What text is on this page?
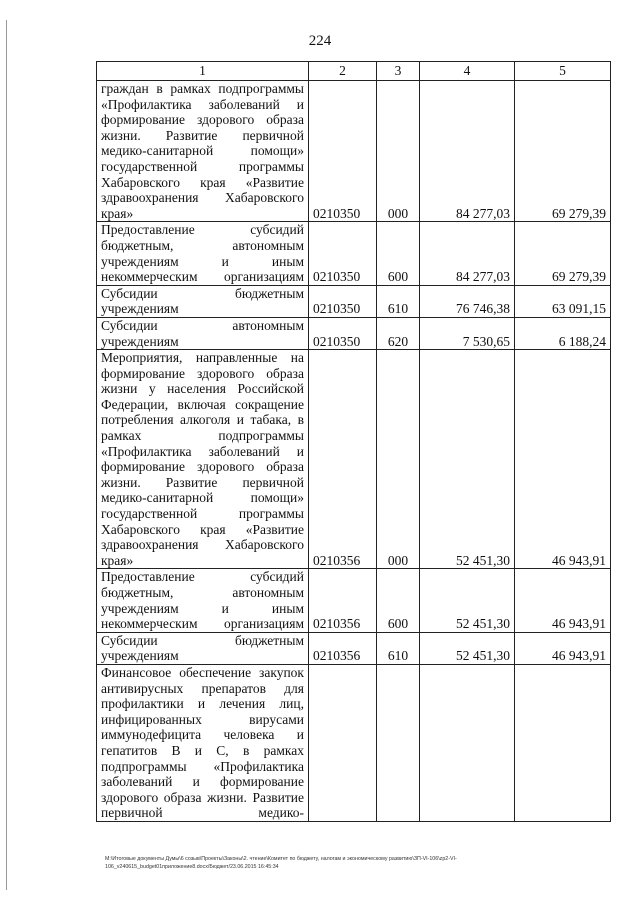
224
1	2	3	4	5
граждан в рамках подпрограммы «Профилактика заболеваний и формирование здорового образа жизни. Развитие первичной медико-санитарной помощи» государственной программы Хабаровского края «Развитие здравоохранения Хабаровского края»	0210350	000	84 277,03	69 279,39
Предоставление субсидий бюджетным, автономным учреждениям и иным некоммерческим организациям	0210350	600	84 277,03	69 279,39
Субсидии бюджетным учреждениям	0210350	610	76 746,38	63 091,15
Субсидии автономным учреждениям	0210350	620	7 530,65	6 188,24
Мероприятия, направленные на формирование здорового образа жизни у населения Российской Федерации, включая сокращение потребления алкоголя и табака, в рамках подпрограммы «Профилактика заболеваний и формирование здорового образа жизни. Развитие первичной медико-санитарной помощи» государственной программы Хабаровского края «Развитие здравоохранения Хабаровского края»	0210356	000	52 451,30	46 943,91
Предоставление субсидий бюджетным, автономным учреждениям и иным некоммерческим организациям	0210356	600	52 451,30	46 943,91
Субсидии бюджетным учреждениям	0210356	610	52 451,30	46 943,91
Финансовое обеспечение закупок антивирусных препаратов для профилактики и лечения лиц, инфицированных вирусами иммунодефицита человека и гепатитов В и С, в рамках подпрограммы «Профилактика заболеваний и формирование здорового образа жизни. Развитие первичной медико-				
M:\Итоговые документы Думы\6 созыв\Проекты\Законы\2. чтение\Комитет по бюджету, налогам и экономическому развитию\ЗП-VI-106\zp2-VI-
106_v240615_budget01приложение8.docx/Бюджет/23.06.2015 16:45:34
